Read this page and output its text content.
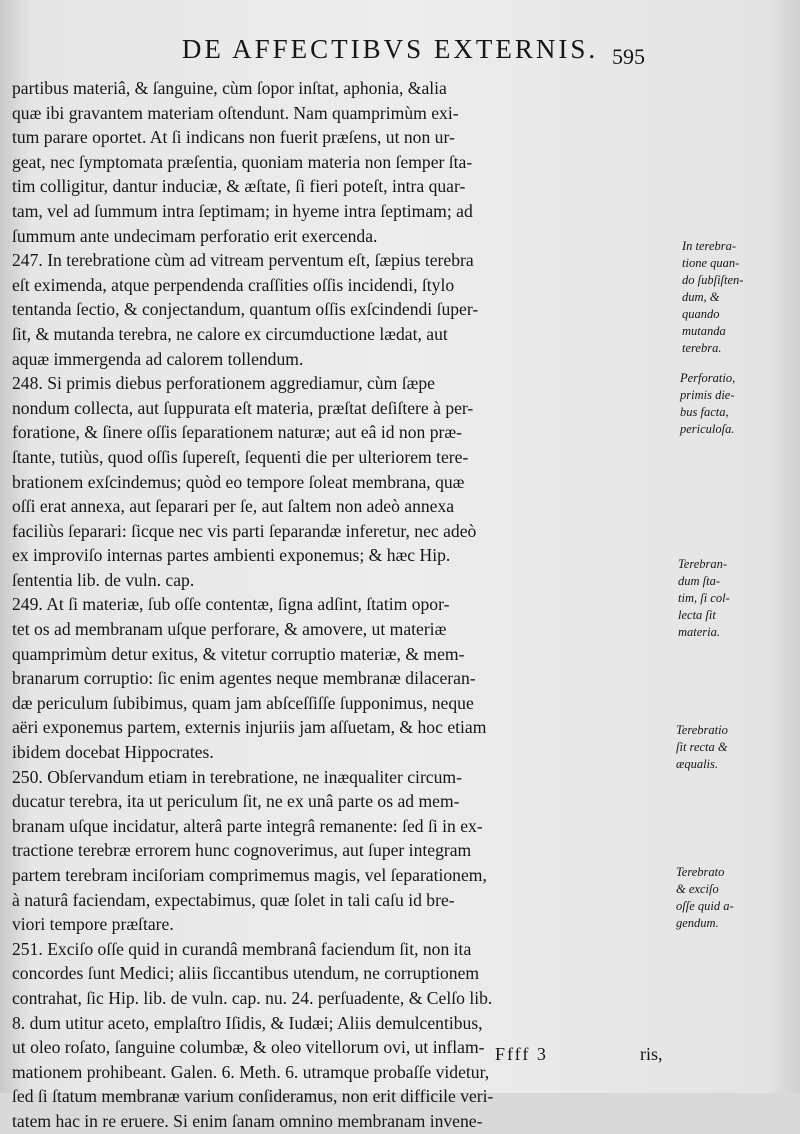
DE AFFECTIBVS EXTERNIS. 595
partibus materiâ, & ſanguine, cùm ſopor inſtat, aphonia, &alia
quæ ibi gravantem materiam oſtendunt. Nam quamprimùm exi-
tum parare oportet. At ſi indicans non fuerit præſens, ut non ur-
geat, nec ſymptomata præſentia, quoniam materia non ſemper ſta-
tim colligitur, dantur induciæ, & æſtate, ſi fieri poteſt, intra quar-
tam, vel ad ſummum intra ſeptimam; in hyeme intra ſeptimam; ad
ſummum ante undecimam perforatio erit exercenda.
247. In terebratione cùm ad vitream perventum eſt, ſæpius terebra
eſt eximenda, atque perpendenda craſſities oſſis incidendi, ſtylo
tentanda ſectio, & conjectandum, quantum oſſis exſcindendi ſuper-
ſit, & mutanda terebra, ne calore ex circumductione lædat, aut
aquæ immergenda ad calorem tollendum.
248. Si primis diebus perforationem aggrediamur, cùm ſæpe
nondum collecta, aut ſuppurata eſt materia, præſtat deſiſtere à per-
foratione, & ſinere oſſis ſeparationem naturæ; aut eâ id non præ-
ſtante, tutiùs, quod oſſis ſupereſt, ſequenti die per ulteriorem tere-
brationem exſcindemus; quòd eo tempore ſoleat membrana, quæ
oſſi erat annexa, aut ſeparari per ſe, aut ſaltem non adeò annexa
faciliùs ſeparari: ſicque nec vis parti ſeparandæ inferetur, nec adeò
ex improviſo internas partes ambienti exponemus; & hæc Hip.
ſententia lib. de vuln. cap.
249. At ſi materiæ, ſub oſſe contentæ, ſigna adſint, ſtatim opor-
tet os ad membranam uſque perforare, & amovere, ut materiæ
quamprimùm detur exitus, & vitetur corruptio materiæ, & mem-
branarum corruptio: ſic enim agentes neque membranæ dilaceran-
dæ periculum ſubibimus, quam jam abſceſſiſſe ſupponimus, neque
aëri exponemus partem, externis injuriis jam aſſuetam, & hoc etiam
ibidem docebat Hippocrates.
250. Obſervandum etiam in terebratione, ne inæqualiter circum-
ducatur terebra, ita ut periculum ſit, ne ex unâ parte os ad mem-
branam uſque incidatur, alterâ parte integrâ remanente: ſed ſi in ex-
tractione terebræ errorem hunc cognoverimus, aut ſuper integram
partem terebram inciſoriam comprimemus magis, vel ſeparationem,
à naturâ faciendam, expectabimus, quæ ſolet in tali caſu id bre-
viori tempore præſtare.
251. Exciſo oſſe quid in curandâ membranâ faciendum ſit, non ita
concordes ſunt Medici; aliis ſiccantibus utendum, ne corruptionem
contrahat, ſic Hip. lib. de vuln. cap. nu. 24. perſuadente, & Celſo lib.
8. dum utitur aceto, emplaſtro Iſidis, & Iudæi; Aliis demulcentibus,
ut oleo roſato, ſanguine columbæ, & oleo vitellorum ovi, ut inflam-
mationem prohibeant. Galen. 6. Meth. 6. utramque probaſſe videtur,
ſed ſi ſtatum membranæ varium conſideramus, non erit difficile veri-
tatem hac in re eruere. Si enim ſanam omnino membranam invene-
In terebra-
tione quan-
do ſubſiſten-
dum, &
quando
mutanda
terebra.
Perforatio,
primis die-
bus facta,
periculoſa.
Terebran-
dum ſta-
tim, ſi col-
lecta ſit
materia.
Terebratio
ſit recta &
æqualis.
Terebrato
& exciſo
oſſe quid a-
gendum.
Ffff 3	ris,
